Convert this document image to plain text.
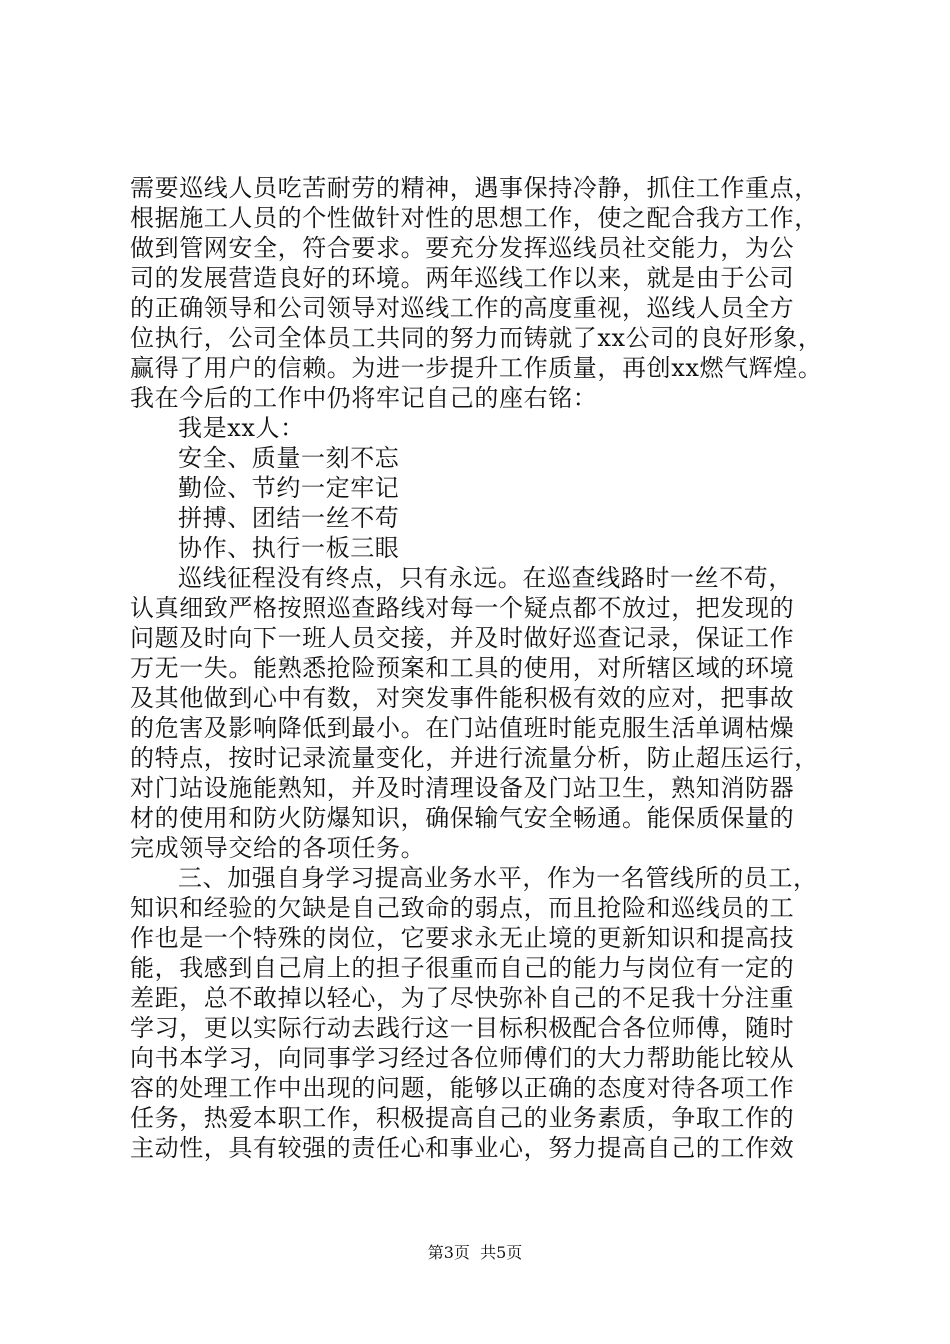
需要巡线人员吃苦耐劳的精神，遇事保持冷静，抓住工作重点，
根据施工人员的个性做针对性的思想工作，使之配合我方工作，
做到管网安全，符合要求。要充分发挥巡线员社交能力，为公
司的发展营造良好的环境。两年巡线工作以来，就是由于公司
的正确领导和公司领导对巡线工作的高度重视，巡线人员全方
位执行，公司全体员工共同的努力而铸就了xx公司的良好形象，
赢得了用户的信赖。为进一步提升工作质量，再创xx燃气辉煌。
我在今后的工作中仍将牢记自己的座右铭：
我是xx人：
安全、质量一刻不忘
勤俭、节约一定牢记
拼搏、团结一丝不苟
协作、执行一板三眼
巡线征程没有终点，只有永远。在巡查线路时一丝不苟，
认真细致严格按照巡查路线对每一个疑点都不放过，把发现的
问题及时向下一班人员交接，并及时做好巡查记录，保证工作
万无一失。能熟悉抢险预案和工具的使用，对所辖区域的环境
及其他做到心中有数，对突发事件能积极有效的应对，把事故
的危害及影响降低到最小。在门站值班时能克服生活单调枯燥
的特点，按时记录流量变化，并进行流量分析，防止超压运行，
对门站设施能熟知，并及时清理设备及门站卫生，熟知消防器
材的使用和防火防爆知识，确保输气安全畅通。能保质保量的
完成领导交给的各项任务。
三、加强自身学习提高业务水平，作为一名管线所的员工，
知识和经验的欠缺是自己致命的弱点，而且抢险和巡线员的工
作也是一个特殊的岗位，它要求永无止境的更新知识和提高技
能，我感到自己肩上的担子很重而自己的能力与岗位有一定的
差距，总不敢掉以轻心，为了尽快弥补自己的不足我十分注重
学习，更以实际行动去践行这一目标积极配合各位师傅，随时
向书本学习，向同事学习经过各位师傅们的大力帮助能比较从
容的处理工作中出现的问题，能够以正确的态度对待各项工作
任务，热爱本职工作，积极提高自己的业务素质，争取工作的
主动性，具有较强的责任心和事业心，努力提高自己的工作效
第3页 共5页
